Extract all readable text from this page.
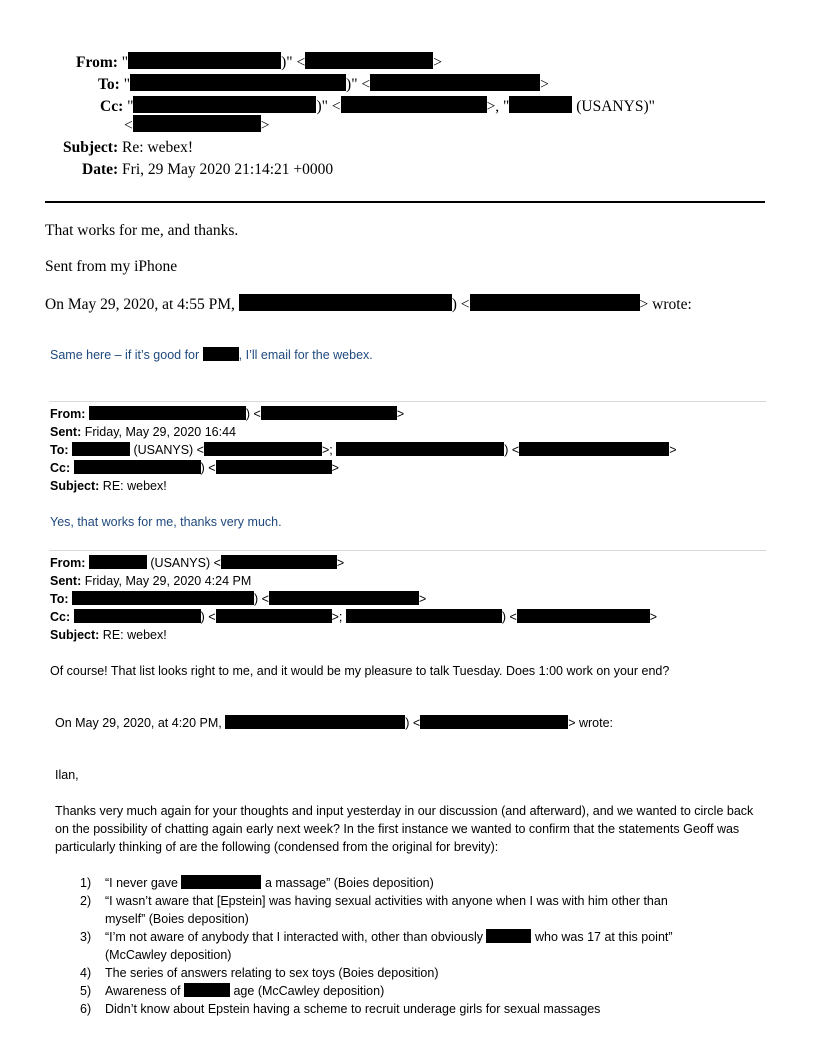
From: "	)" <	>
To: "	)" <	>
Cc: "	)" <	>, "	(USANYS)"
<	>
Subject: Re: webex!
Date: Fri, 29 May 2020 21:14:21 +0000
That works for me, and thanks.
Sent from my iPhone
On May 29, 2020, at 4:55 PM,	) <	> wrote:
Same here – if it’s good for	, I’ll email for the webex.
From:	) <	>
Sent: Friday, May 29, 2020 16:44
To:	(USANYS) <	>;	) <	>
Cc:	) <	>
Subject: RE: webex!
Yes, that works for me, thanks very much.
From:	(USANYS) <	>
Sent: Friday, May 29, 2020 4:24 PM
To:	) <	>
Cc:	) <	>;	) <	>
Subject: RE: webex!
Of course! That list looks right to me, and it would be my pleasure to talk Tuesday. Does 1:00 work on your end?
On May 29, 2020, at 4:20 PM,	) <	> wrote:
Ilan,
Thanks very much again for your thoughts and input yesterday in our discussion (and afterward), and we wanted to circle back on the possibility of chatting again early next week? In the first instance we wanted to confirm that the statements Geoff was particularly thinking of are the following (condensed from the original for brevity):
1) “I never gave	a massage” (Boies deposition)
2) “I wasn’t aware that [Epstein] was having sexual activities with anyone when I was with him other than
myself” (Boies deposition)
3) “I’m not aware of anybody that I interacted with, other than obviously	who was 17 at this point”
(McCawley deposition)
4) The series of answers relating to sex toys (Boies deposition)
5) Awareness of	age (McCawley deposition)
6) Didn’t know about Epstein having a scheme to recruit underage girls for sexual massages
